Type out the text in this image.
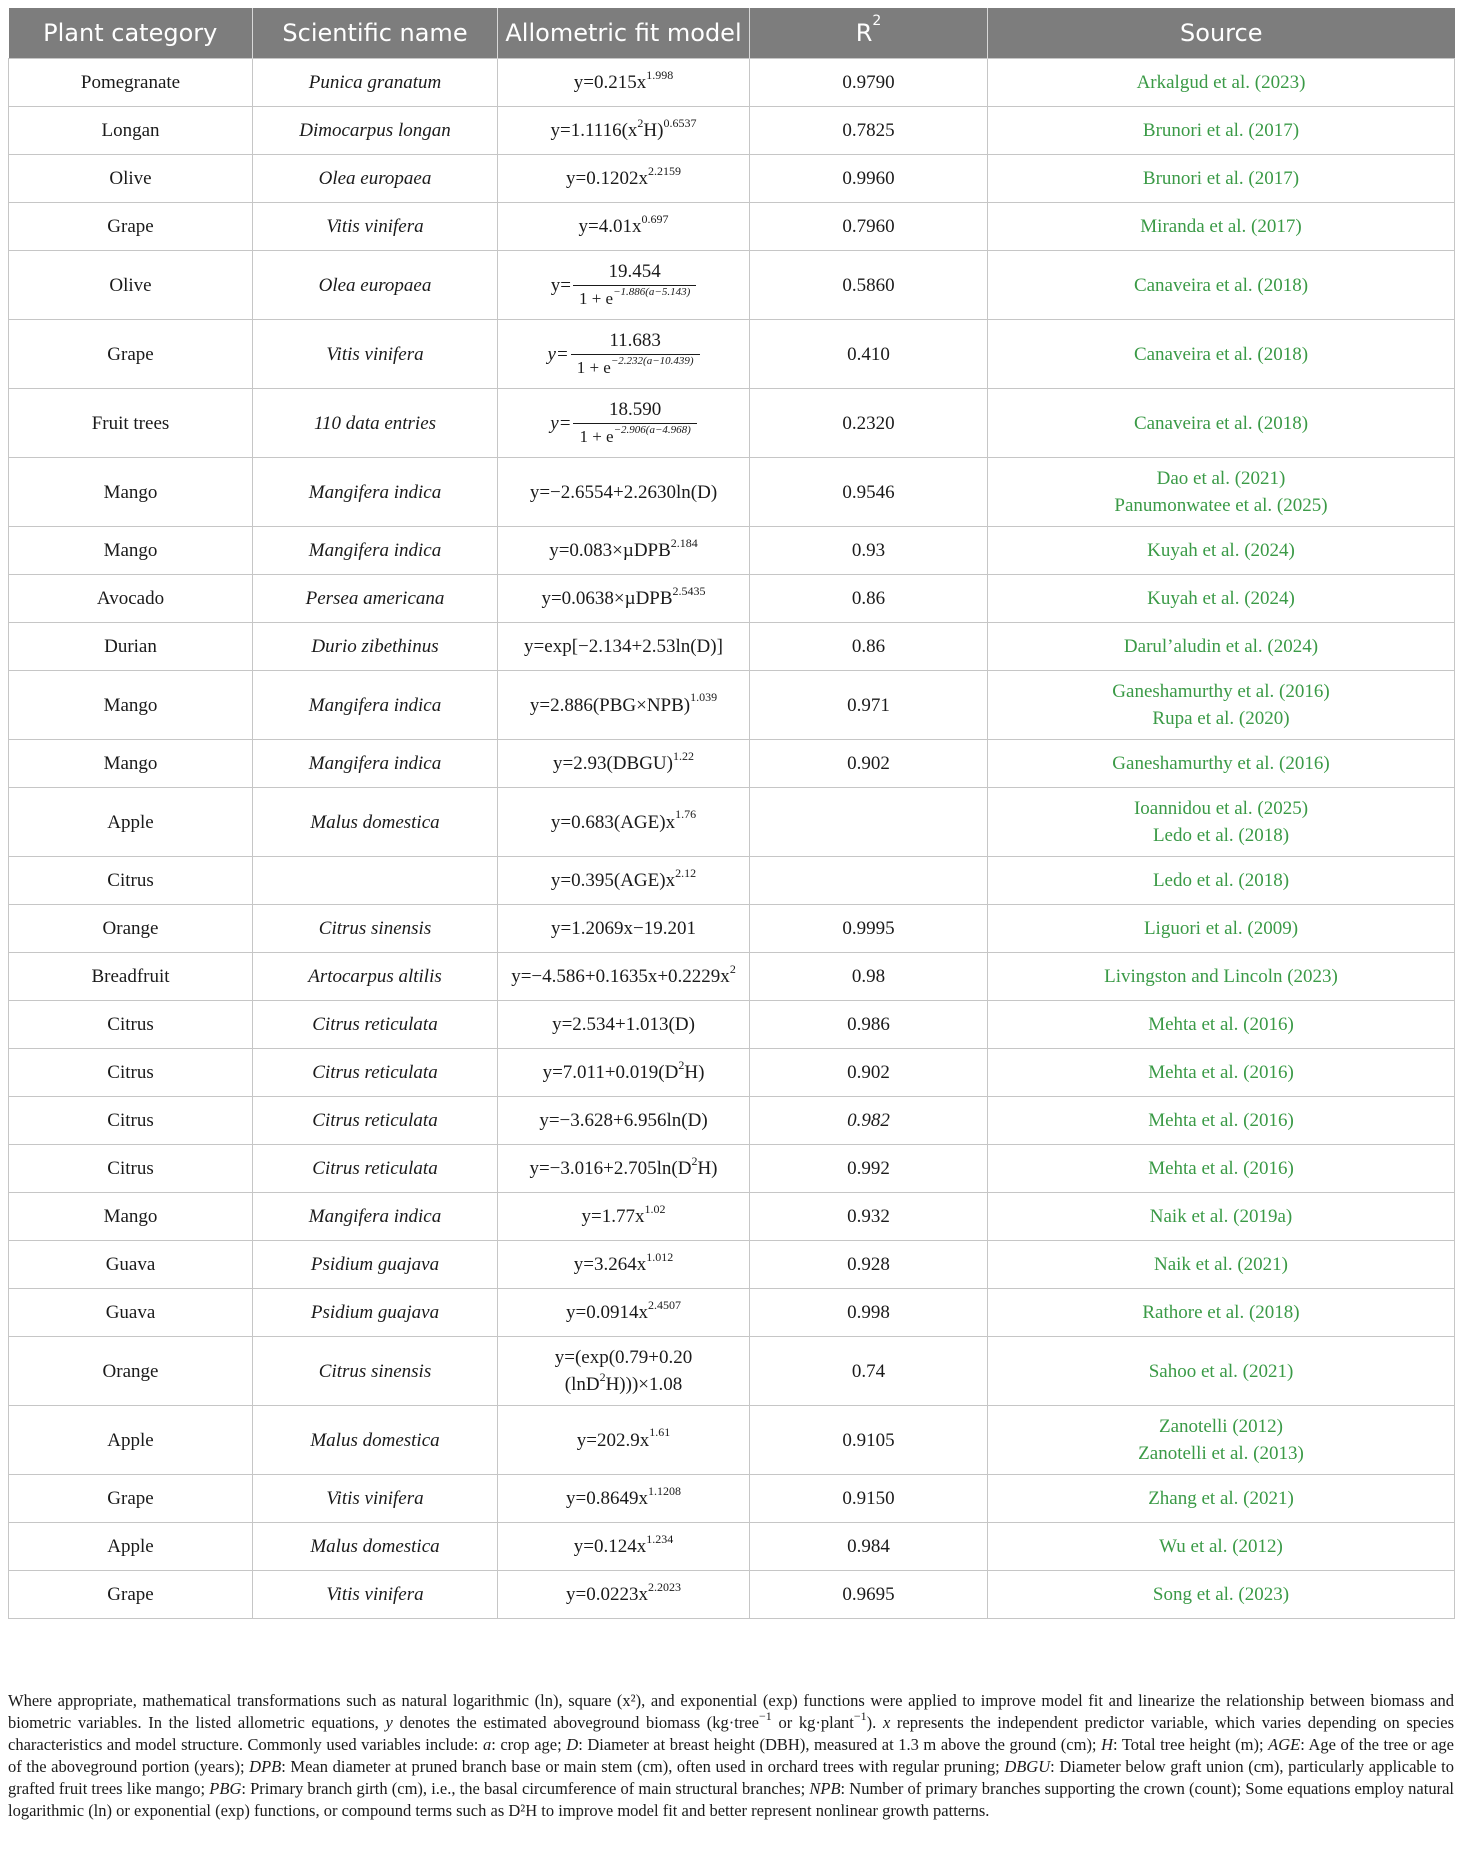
Plant category	Scientific name	Allometric fit model	$R^2$	Source
Pomegranate	Punica granatum	$y=0.215x^{1.998}$	0.9790	Arkalgud et al. (2023)

Longan	Dimocarpus longan	$y=1.1116(x^2H)^{0.6537}$	0.7825	Brunori et al. (2017)

Olive	Olea europaea	$y=0.1202x^{2.2159}$	0.9960	Brunori et al. (2017)

Grape	Vitis vinifera	$y=4.01x^{0.697}$	0.7960	Miranda et al. (2017)

Olive	Olea europaea	$y= \frac{19.454}{1 + e^{-1.886(a-5.143)}}$	0.5860	Canaveira et al. (2018)

Grape	Vitis vinifera	$y= \frac{11.683}{1 + e^{-2.232(a-10.439)}}$	0.410	Canaveira et al. (2018)

Fruit trees	110 data entries	$y= \frac{18.590}{1 + e^{-2.906(a-4.968)}}$	0.2320	Canaveira et al. (2018)

Mango	Mangifera indica	y=−2.6554+2.2630ln(D)	0.9546	Dao et al. (2021)
Panumonwatee et al. (2025)

Mango	Mangifera indica	y=0.083×µDPB$^{2.184}$	0.93	Kuyah et al. (2024)

Avocado	Persea americana	y=0.0638×µDPB$^{2.5435}$	0.86	Kuyah et al. (2024)

Durian	Durio zibethinus	y=exp[−2.134+2.53ln(D)]	0.86	Darul’aludin et al. (2024)

Mango	Mangifera indica	$y=2.886(PBG\times NPB)^{1.039}$	0.971	Ganeshamurthy et al. (2016)
Rupa et al. (2020)

Mango	Mangifera indica	y=2.93(DBGU)$^{1.22}$	0.902	Ganeshamurthy et al. (2016)

Apple	Malus domestica	$y=0.683(AGE)x^{1.76}$		Ioannidou et al. (2025)
Ledo et al. (2018)

Citrus		$y=0.395(AGE)x^{2.12}$		Ledo et al. (2018)

Orange	Citrus sinensis	y=1.2069x−19.201	0.9995	Liguori et al. (2009)

Breadfruit	Artocarpus altilis	$y=-4.586+0.1635x+0.2229x^2$	0.98	Livingston and Lincoln (2023)

Citrus	Citrus reticulata	y=2.534+1.013(D)	0.986	Mehta et al. (2016)

Citrus	Citrus reticulata	$y=7.011+0.019(D^2H)$	0.902	Mehta et al. (2016)

Citrus	Citrus reticulata	y=−3.628+6.956ln(D)	0.982	Mehta et al. (2016)

Citrus	Citrus reticulata	$y=-3.016+2.705\ln(D^2H)$	0.992	Mehta et al. (2016)

Mango	Mangifera indica	$y=1.77x^{1.02}$	0.932	Naik et al. (2019a)

Guava	Psidium guajava	$y=3.264x^{1.012}$	0.928	Naik et al. (2021)

Guava	Psidium guajava	$y=0.0914x^{2.4507}$	0.998	Rathore et al. (2018)

Orange	Citrus sinensis	y=(exp(0.79+0.20
(lnD$^2$H)))×1.08	0.74	Sahoo et al. (2021)

Apple	Malus domestica	$y=202.9x^{1.61}$	0.9105	Zanotelli (2012)
Zanotelli et al. (2013)

Grape	Vitis vinifera	$y=0.8649x^{1.1208}$	0.9150	Zhang et al. (2021)

Apple	Malus domestica	$y=0.124x^{1.234}$	0.984	Wu et al. (2012)

Grape	Vitis vinifera	$y=0.0223x^{2.2023}$	0.9695	Song et al. (2023)

Where appropriate, mathematical transformations such as natural logarithmic (ln), square (x²), and exponential (exp) functions were applied to improve model fit and linearize the relationship between biomass and biometric variables. In the listed allometric equations, y denotes the estimated aboveground biomass (kg·tree$^{-1}$ or kg·plant$^{-1}$). x represents the independent predictor variable, which varies depending on species characteristics and model structure. Commonly used variables include: a: crop age; D: Diameter at breast height (DBH), measured at 1.3 m above the ground (cm); H: Total tree height (m); AGE: Age of the tree or age of the aboveground portion (years); DPB: Mean diameter at pruned branch base or main stem (cm), often used in orchard trees with regular pruning; DBGU: Diameter below graft union (cm), particularly applicable to grafted fruit trees like mango; PBG: Primary branch girth (cm), i.e., the basal circumference of main structural branches; NPB: Number of primary branches supporting the crown (count); Some equations employ natural logarithmic (ln) or exponential (exp) functions, or compound terms such as D²H to improve model fit and better represent nonlinear growth patterns.
